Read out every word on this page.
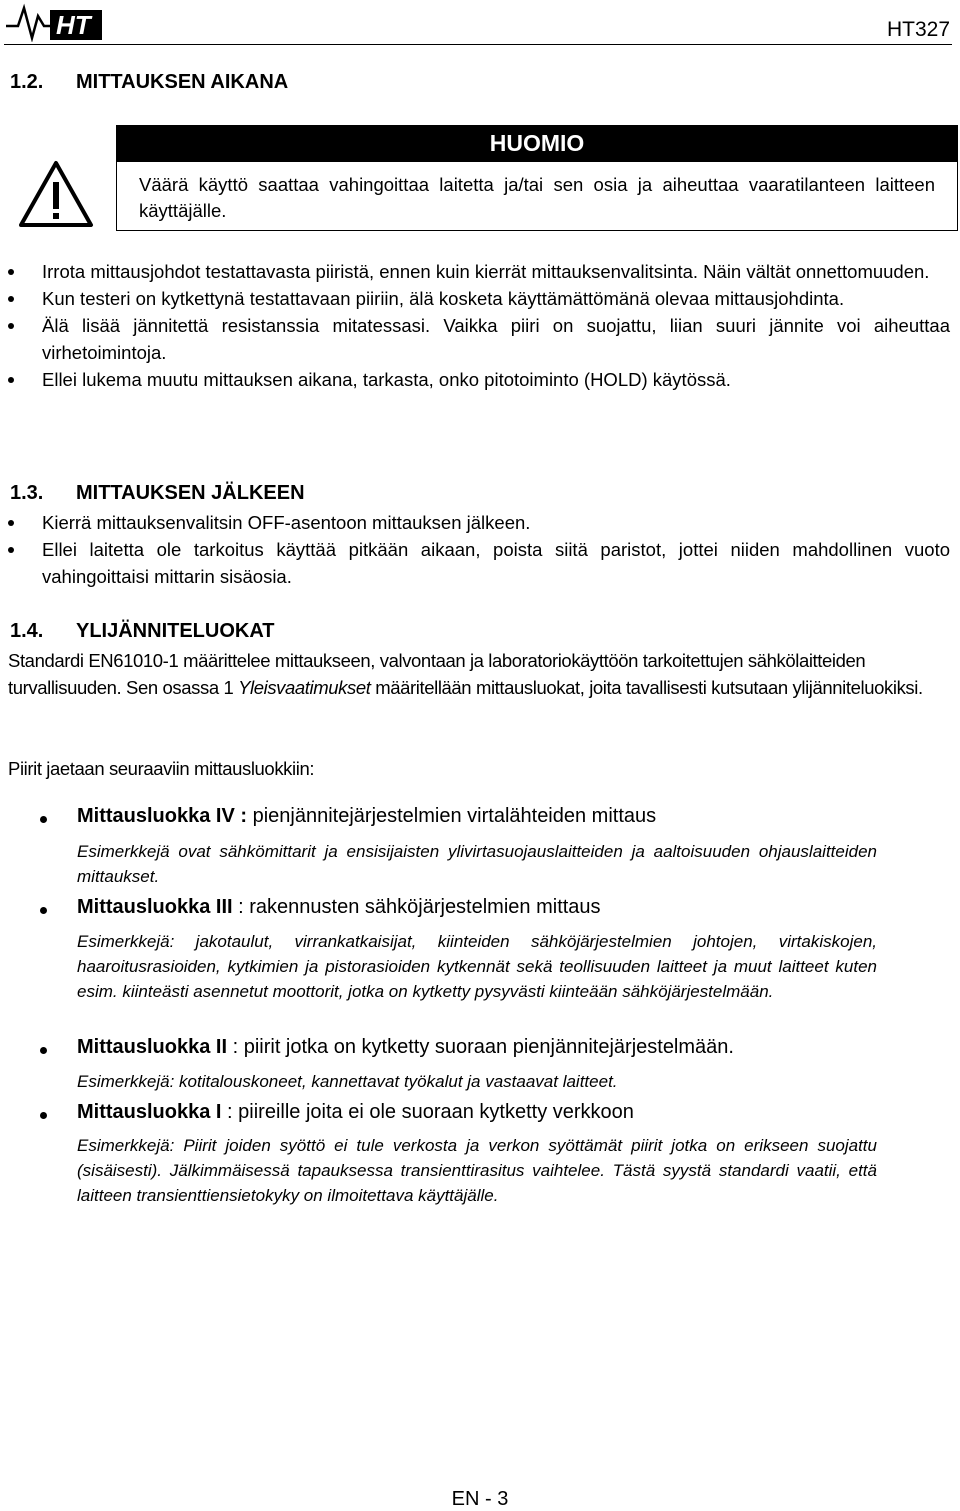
HT	HT327
1.2. MITTAUKSEN AIKANA
HUOMIO
Väärä käyttö saattaa vahingoittaa laitetta ja/tai sen osia ja aiheuttaa vaaratilanteen laitteen käyttäjälle.
Irrota mittausjohdot testattavasta piiristä, ennen kuin kierrät mittauksenvalitsinta. Näin vältät onnettomuuden.
Kun testeri on kytkettynä testattavaan piiriin, älä kosketa käyttämättömänä olevaa mittausjohdinta.
Älä lisää jännitettä resistanssia mitatessasi. Vaikka piiri on suojattu, liian suuri jännite voi aiheuttaa virhetoimintoja.
Ellei lukema muutu mittauksen aikana, tarkasta, onko pitotoiminto (HOLD) käytössä.
1.3. MITTAUKSEN JÄLKEEN
Kierrä mittauksenvalitsin OFF-asentoon mittauksen jälkeen.
Ellei laitetta ole tarkoitus käyttää pitkään aikaan, poista siitä paristot, jottei niiden mahdollinen vuoto vahingoittaisi mittarin sisäosia.
1.4. YLIJÄNNITELUOKAT
Standardi EN61010-1 määrittelee mittaukseen, valvontaan ja laboratoriokäyttöön tarkoitettujen sähkölaitteiden turvallisuuden. Sen osassa 1 Yleisvaatimukset määritellään mittausluokat, joita tavallisesti kutsutaan ylijänniteluokiksi.
Piirit jaetaan seuraaviin mittausluokkiin:
Mittausluokka IV : pienjännitejärjestelmien virtalähteiden mittaus
Esimerkkejä ovat sähkömittarit ja ensisijaisten ylivirtasuojauslaitteiden ja aaltoisuuden ohjauslaitteiden mittaukset.
Mittausluokka III : rakennusten sähköjärjestelmien mittaus
Esimerkkejä: jakotaulut, virrankatkaisijat, kiinteiden sähköjärjestelmien johtojen, virtakiskojen, haaroitusrasioiden, kytkimien ja pistorasioiden kytkennät sekä teollisuuden laitteet ja muut laitteet kuten esim. kiinteästi asennetut moottorit, jotka on kytketty pysyvästi kiinteään sähköjärjestelmään.
Mittausluokka II : piirit jotka on kytketty suoraan pienjännitejärjestelmään.
Esimerkkejä: kotitalouskoneet, kannettavat työkalut ja vastaavat laitteet.
Mittausluokka I : piireille joita ei ole suoraan kytketty verkkoon
Esimerkkejä: Piirit joiden syöttö ei tule verkosta ja verkon syöttämät piirit jotka on erikseen suojattu (sisäisesti). Jälkimmäisessä tapauksessa transienttirasitus vaihtelee. Tästä syystä standardi vaatii, että laitteen transienttiensietokyky on ilmoitettava käyttäjälle.
EN - 3
